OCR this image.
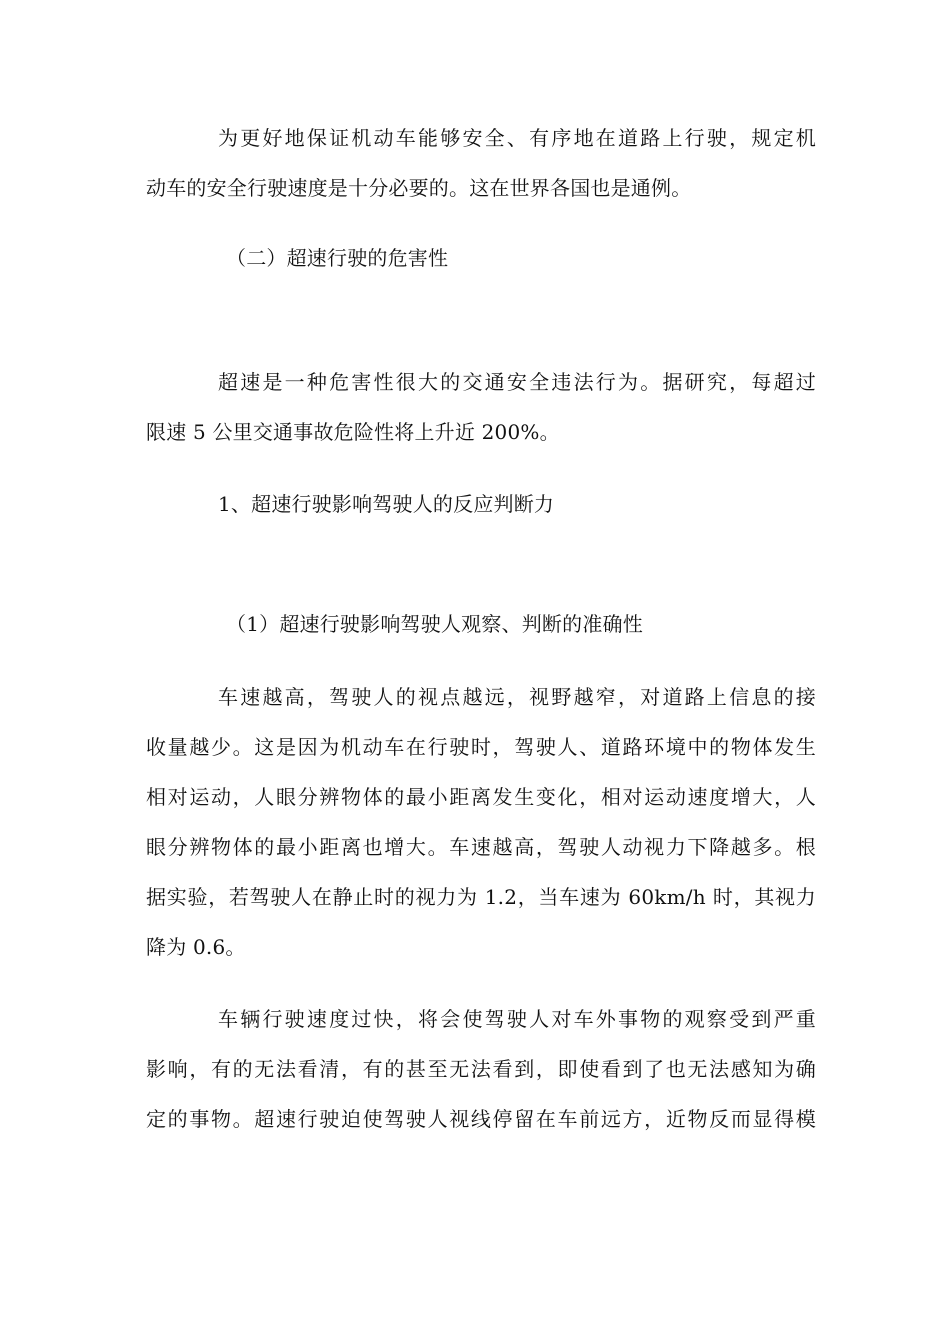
为更好地保证机动车能够安全、有序地在道路上行驶，规定机
动车的安全行驶速度是十分必要的。这在世界各国也是通例。
（二）超速行驶的危害性
超速是一种危害性很大的交通安全违法行为。据研究，每超过
限速 5 公里交通事故危险性将上升近 200%。
1、超速行驶影响驾驶人的反应判断力
（1）超速行驶影响驾驶人观察、判断的准确性
车速越高，驾驶人的视点越远，视野越窄，对道路上信息的接
收量越少。这是因为机动车在行驶时，驾驶人、道路环境中的物体发生
相对运动，人眼分辨物体的最小距离发生变化，相对运动速度增大，人
眼分辨物体的最小距离也增大。车速越高，驾驶人动视力下降越多。根
据实验，若驾驶人在静止时的视力为 1.2，当车速为 60km/h 时，其视力
降为 0.6。
车辆行驶速度过快，将会使驾驶人对车外事物的观察受到严重
影响，有的无法看清，有的甚至无法看到，即使看到了也无法感知为确
定的事物。超速行驶迫使驾驶人视线停留在车前远方，近物反而显得模
